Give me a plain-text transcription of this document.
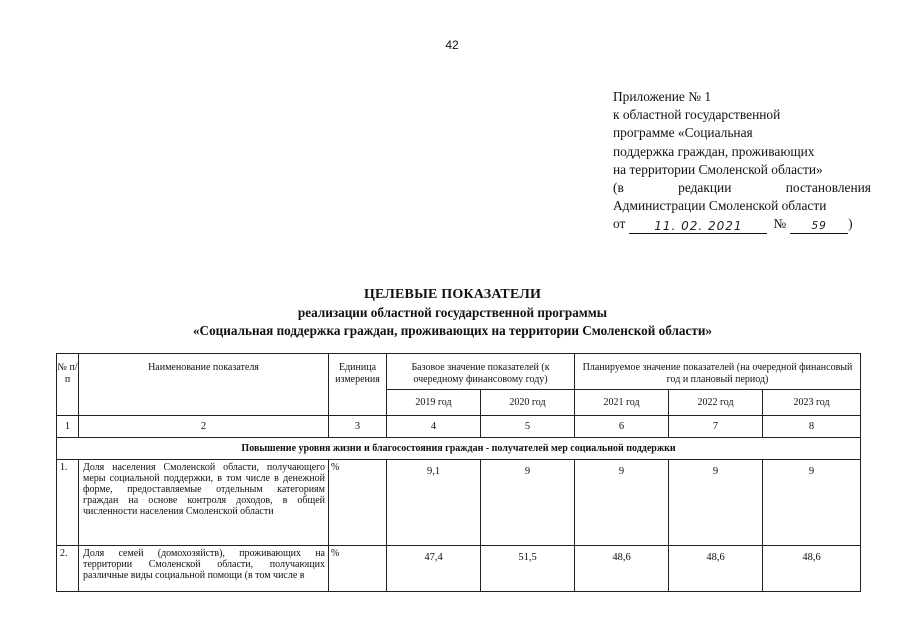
42
Приложение № 1
к областной государственной
программе «Социальная
поддержка граждан, проживающих
на территории Смоленской области»
(в	редакции	постановления
Администрации Смоленской области
от	11. 02. 2021	№	59	)
ЦЕЛЕВЫЕ ПОКАЗАТЕЛИ
реализации областной государственной программы
«Социальная поддержка граждан, проживающих на территории Смоленской области»
№ п/п	Наименование показателя	Единица измерения	Базовое значение показателей (к очередному финансовому году)		Планируемое значение показателей (на очередной финансовый год и плановый период)		
			2019 год	2020 год	2021 год	2022 год	2023 год
1	2	3	4	5	6	7	8
Повышение уровня жизни и благосостояния граждан - получателей мер социальной поддержки							
1.	Доля населения Смоленской области, получающего меры социальной поддержки, в том числе в денежной форме, предоставляемые отдельным категориям граждан на основе контроля доходов, в общей численности населения Смоленской области	%	9,1	9	9	9	9
2.	Доля семей (домохозяйств), проживающих на территории Смоленской области, получающих различные виды социальной помощи (в том числе в	%	47,4	51,5	48,6	48,6	48,6
